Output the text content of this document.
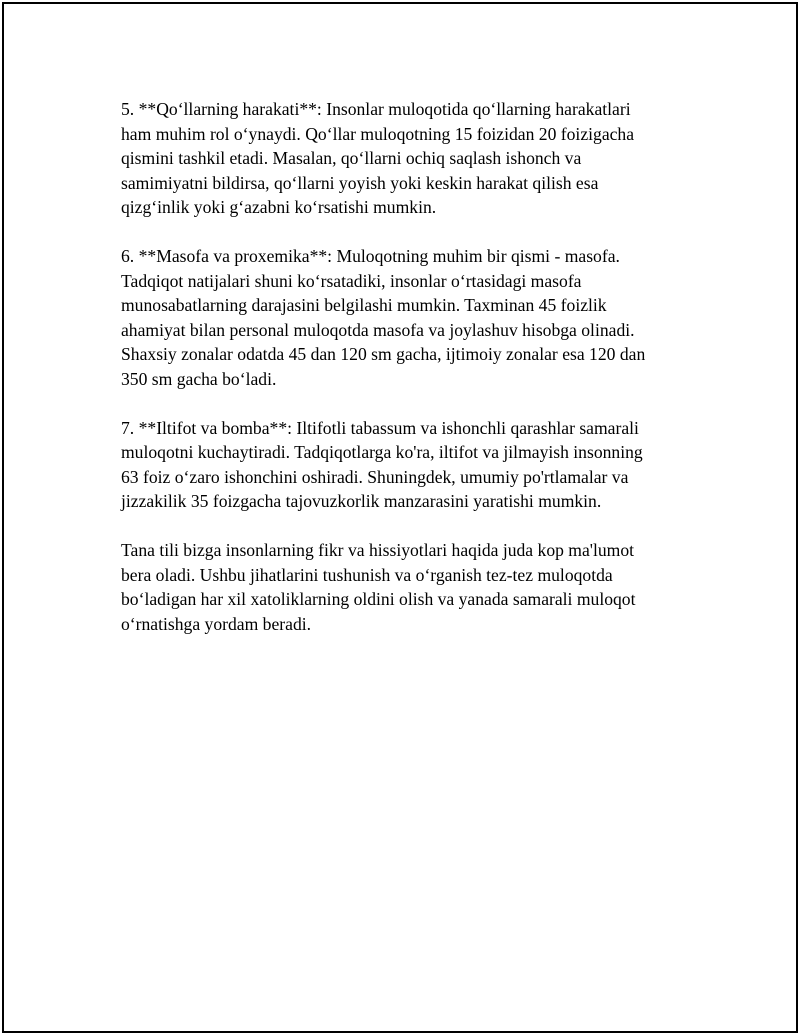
5. **Qo‘llarning harakati**: Insonlar muloqotida qo‘llarning harakatlari
ham muhim rol o‘ynaydi. Qo‘llar muloqotning 15 foizidan 20 foizigacha
qismini tashkil etadi. Masalan, qo‘llarni ochiq saqlash ishonch va
samimiyatni bildirsa, qo‘llarni yoyish yoki keskin harakat qilish esa
qizg‘inlik yoki g‘azabni ko‘rsatishi mumkin.

6. **Masofa va proxemika**: Muloqotning muhim bir qismi - masofa.
Tadqiqot natijalari shuni ko‘rsatadiki, insonlar o‘rtasidagi masofa
munosabatlarning darajasini belgilashi mumkin. Taxminan 45 foizlik
ahamiyat bilan personal muloqotda masofa va joylashuv hisobga olinadi.
Shaxsiy zonalar odatda 45 dan 120 sm gacha, ijtimoiy zonalar esa 120 dan
350 sm gacha bo‘ladi.

7. **Iltifot va bomba**: Iltifotli tabassum va ishonchli qarashlar samarali
muloqotni kuchaytiradi. Tadqiqotlarga ko'ra, iltifot va jilmayish insonning
63 foiz o‘zaro ishonchini oshiradi. Shuningdek, umumiy po'rtlamalar va
jizzakilik 35 foizgacha tajovuzkorlik manzarasini yaratishi mumkin.

Tana tili bizga insonlarning fikr va hissiyotlari haqida juda kop ma'lumot
bera oladi. Ushbu jihatlarini tushunish va o‘rganish tez-tez muloqotda
bo‘ladigan har xil xatoliklarning oldini olish va yanada samarali muloqot
o‘rnatishga yordam beradi.
